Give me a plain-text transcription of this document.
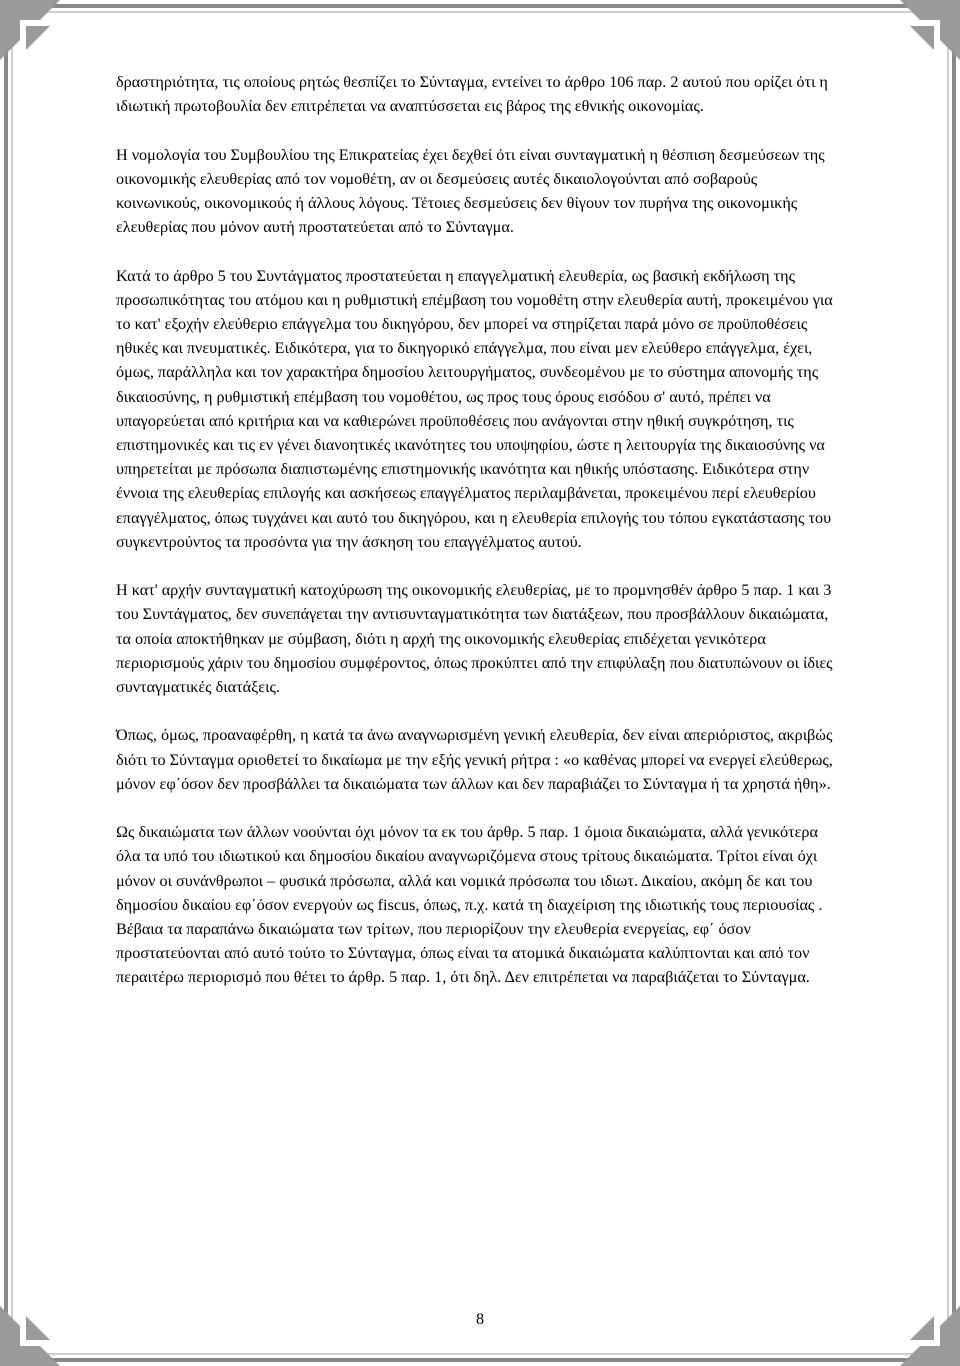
δραστηριότητα, τις οποίους ρητώς θεσπίζει το Σύνταγμα, εντείνει το άρθρο 106 παρ. 2 αυτού που ορίζει ότι η ιδιωτική πρωτοβουλία δεν επιτρέπεται να αναπτύσσεται εις βάρος της εθνικής οικονομίας.

Η νομολογία του Συμβουλίου της Επικρατείας έχει δεχθεί ότι είναι συνταγματική η θέσπιση δεσμεύσεων της οικονομικής ελευθερίας από τον νομοθέτη, αν οι δεσμεύσεις αυτές δικαιολογούνται από σοβαρούς κοινωνικούς, οικονομικούς ή άλλους λόγους. Τέτοιες δεσμεύσεις δεν θίγουν τον πυρήνα της οικονομικής ελευθερίας που μόνον αυτή προστατεύεται από το Σύνταγμα.

Κατά το άρθρο 5 του Συντάγματος προστατεύεται η επαγγελματική ελευθερία, ως βασική εκδήλωση της προσωπικότητας του ατόμου και η ρυθμιστική επέμβαση του νομοθέτη στην ελευθερία αυτή, προκειμένου για το κατ' εξοχήν ελεύθεριο επάγγελμα του δικηγόρου, δεν μπορεί να στηρίζεται παρά μόνο σε προϋποθέσεις ηθικές και πνευματικές. Ειδικότερα, για το δικηγορικό επάγγελμα, που είναι μεν ελεύθερο επάγγελμα, έχει, όμως, παράλληλα και τον χαρακτήρα δημοσίου λειτουργήματος, συνδεομένου με το σύστημα απονομής της δικαιοσύνης, η ρυθμιστική επέμβαση του νομοθέτου, ως προς τους όρους εισόδου σ' αυτό, πρέπει να υπαγορεύεται από κριτήρια και να καθιερώνει προϋποθέσεις που ανάγονται στην ηθική συγκρότηση, τις επιστημονικές και τις εν γένει διανοητικές ικανότητες του υποψηφίου, ώστε η λειτουργία της δικαιοσύνης να υπηρετείται με πρόσωπα διαπιστωμένης επιστημονικής ικανότητα και ηθικής υπόστασης. Ειδικότερα στην έννοια της ελευθερίας επιλογής και ασκήσεως επαγγέλματος περιλαμβάνεται, προκειμένου περί ελευθερίου επαγγέλματος, όπως τυγχάνει και αυτό του δικηγόρου, και η ελευθερία επιλογής του τόπου εγκατάστασης του συγκεντρούντος τα προσόντα για την άσκηση του επαγγέλματος αυτού.

Η κατ' αρχήν συνταγματική κατοχύρωση της οικονομικής ελευθερίας, με το προμνησθέν άρθρο 5 παρ. 1 και 3 του Συντάγματος, δεν συνεπάγεται την αντισυνταγματικότητα των διατάξεων, που προσβάλλουν δικαιώματα, τα οποία αποκτήθηκαν με σύμβαση, διότι η αρχή της οικονομικής ελευθερίας επιδέχεται γενικότερα περιορισμούς χάριν του δημοσίου συμφέροντος, όπως προκύπτει από την επιφύλαξη που διατυπώνουν οι ίδιες συνταγματικές διατάξεις.

Όπως, όμως, προαναφέρθη, η κατά τα άνω αναγνωρισμένη γενική ελευθερία, δεν είναι απεριόριστος, ακριβώς διότι το Σύνταγμα οριοθετεί το δικαίωμα με την εξής γενική ρήτρα : «ο καθένας μπορεί να ενεργεί ελεύθερως, μόνον εφ΄όσον δεν προσβάλλει τα δικαιώματα των άλλων και δεν παραβιάζει το Σύνταγμα ή τα χρηστά ήθη».

Ως δικαιώματα των άλλων νοούνται όχι μόνον τα εκ του άρθρ. 5 παρ. 1 όμοια δικαιώματα, αλλά γενικότερα όλα τα υπό του ιδιωτικού και δημοσίου δικαίου αναγνωριζόμενα στους τρίτους δικαιώματα. Τρίτοι είναι όχι μόνον οι συνάνθρωποι – φυσικά πρόσωπα, αλλά και νομικά πρόσωπα του ιδιωτ. Δικαίου, ακόμη δε και του δημοσίου δικαίου εφ΄όσον ενεργούν ως fiscus, όπως, π.χ. κατά τη διαχείριση της ιδιωτικής τους περιουσίας . Βέβαια τα παραπάνω δικαιώματα των τρίτων, που περιορίζουν την ελευθερία ενεργείας, εφ΄ όσον προστατεύονται από αυτό τούτο το Σύνταγμα, όπως είναι τα ατομικά δικαιώματα καλύπτονται και από τον περαιτέρω περιορισμό που θέτει το άρθρ. 5 παρ. 1, ότι δηλ. Δεν επιτρέπεται να παραβιάζεται το Σύνταγμα.

8
